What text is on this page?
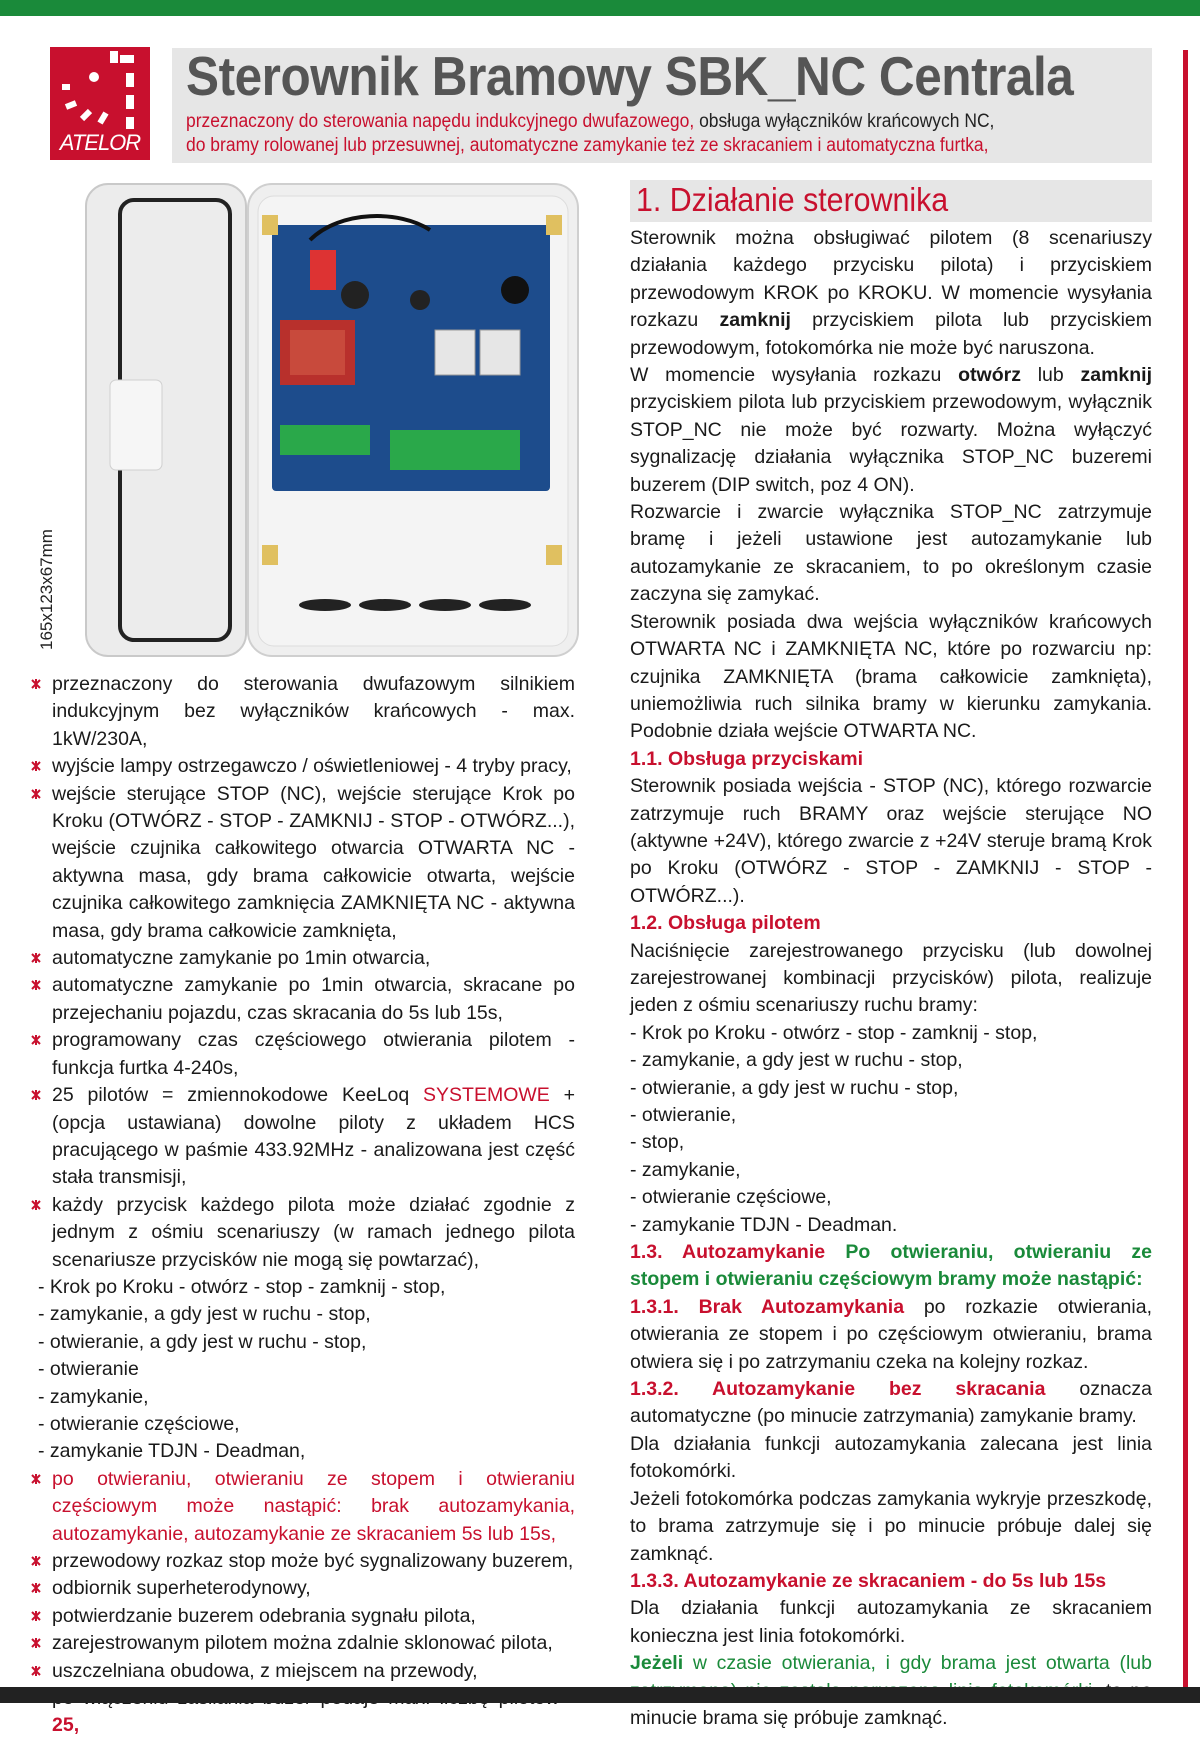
ATELOR
Sterownik Bramowy SBK_NC Centrala
przeznaczony do sterowania napędu indukcyjnego dwufazowego, obsługa wyłączników krańcowych NC,
do bramy rolowanej lub przesuwnej, automatyczne zamykanie też ze skracaniem i automatyczna furtka,
165x123x67mm
przeznaczony do sterowania dwufazowym silnikiem indukcyjnym bez wyłączników krańcowych - max. 1kW/230A,
wyjście lampy ostrzegawczo / oświetleniowej - 4 tryby pracy,
wejście sterujące STOP (NC), wejście sterujące Krok po Kroku (OTWÓRZ - STOP - ZAMKNIJ - STOP - OTWÓRZ...), wejście czujnika całkowitego otwarcia OTWARTA NC - aktywna masa, gdy brama całkowicie otwarta, wejście czujnika całkowitego zamknięcia ZAMKNIĘTA NC - aktywna masa, gdy brama całkowicie zamknięta,
automatyczne zamykanie po 1min otwarcia,
automatyczne zamykanie po 1min otwarcia, skracane po przejechaniu pojazdu, czas skracania do 5s lub 15s,
programowany czas częściowego otwierania pilotem - funkcja furtka 4-240s,
25 pilotów = zmiennokodowe KeeLoq SYSTEMOWE + (opcja ustawiana) dowolne piloty z układem HCS pracującego w paśmie 433.92MHz - analizowana jest część stała transmisji,
każdy przycisk każdego pilota może działać zgodnie z jednym z ośmiu scenariuszy (w ramach jednego pilota scenariusze przycisków nie mogą się powtarzać),
- Krok po Kroku - otwórz - stop - zamknij - stop,
- zamykanie, a gdy jest w ruchu - stop,
- otwieranie, a gdy jest w ruchu - stop,
- otwieranie
- zamykanie,
- otwieranie częściowe,
- zamykanie TDJN - Deadman,
po otwieraniu, otwieraniu ze stopem i otwieraniu częściowym może nastąpić: brak autozamykania, autozamykanie, autozamykanie ze skracaniem 5s lub 15s,
przewodowy rozkaz stop może być sygnalizowany buzerem,
odbiornik superheterodynowy,
potwierdzanie buzerem odebrania sygnału pilota,
zarejestrowanym pilotem można zdalnie sklonować pilota,
uszczelniana obudowa, z miejscem na przewody,
25,
1. Działanie sterownika

Sterownik można obsługiwać pilotem (8 scenariuszy działania każdego przycisku pilota) i przyciskiem przewodowym KROK po KROKU. W momencie wysyłania rozkazu zamknij przyciskiem pilota lub przyciskiem przewodowym, fotokomórka nie może być naruszona.

W momencie wysyłania rozkazu otwórz lub zamknij przyciskiem pilota lub przyciskiem przewodowym, wyłącznik STOP_NC nie może być rozwarty. Można wyłączyć sygnalizację działania wyłącznika STOP_NC buzeremi buzerem (DIP switch, poz 4 ON).

Rozwarcie i zwarcie wyłącznika STOP_NC zatrzymuje bramę i jeżeli ustawione jest autozamykanie lub autozamykanie ze skracaniem, to po określonym czasie zaczyna się zamykać.

Sterownik posiada dwa wejścia wyłączników krańcowych OTWARTA NC i ZAMKNIĘTA NC, które po rozwarciu np: czujnika ZAMKNIĘTA (brama całkowicie zamknięta), uniemożliwia ruch silnika bramy w kierunku zamykania. Podobnie działa wejście OTWARTA NC.

1.1. Obsługa przyciskami

Sterownik posiada wejścia - STOP (NC), którego rozwarcie zatrzymuje ruch BRAMY oraz wejście sterujące NO (aktywne +24V), którego zwarcie z +24V steruje bramą Krok po Kroku (OTWÓRZ - STOP - ZAMKNIJ - STOP - OTWÓRZ...).

1.2. Obsługa pilotem

Naciśnięcie zarejestrowanego przycisku (lub dowolnej zarejestrowanej kombinacji przycisków) pilota, realizuje jeden z ośmiu scenariuszy ruchu bramy:

- Krok po Kroku - otwórz - stop - zamknij - stop,

- zamykanie, a gdy jest w ruchu - stop,

- otwieranie, a gdy jest w ruchu - stop,

- otwieranie,

- stop,

- zamykanie,

- otwieranie częściowe,

- zamykanie TDJN - Deadman.

1.3. Autozamykanie Po otwieraniu, otwieraniu ze stopem i otwieraniu częściowym bramy może nastąpić:

1.3.1. Brak Autozamykania po rozkazie otwierania, otwierania ze stopem i po częściowym otwieraniu, brama otwiera się i po zatrzymaniu czeka na kolejny rozkaz.

1.3.2. Autozamykanie bez skracania oznacza automatyczne (po minucie zatrzymania) zamykanie bramy.

Dla działania funkcji autozamykania zalecana jest linia fotokomórki.

Jeżeli fotokomórka podczas zamykania wykryje przeszkodę, to brama zatrzymuje się i po minucie próbuje dalej się zamknąć.

1.3.3. Autozamykanie ze skracaniem - do 5s lub 15s

Dla działania funkcji autozamykania ze skracaniem konieczna jest linia fotokomórki.

Jeżeli w czasie otwierania, i gdy brama jest otwarta (lub minucie brama się próbuje zamknąć.
